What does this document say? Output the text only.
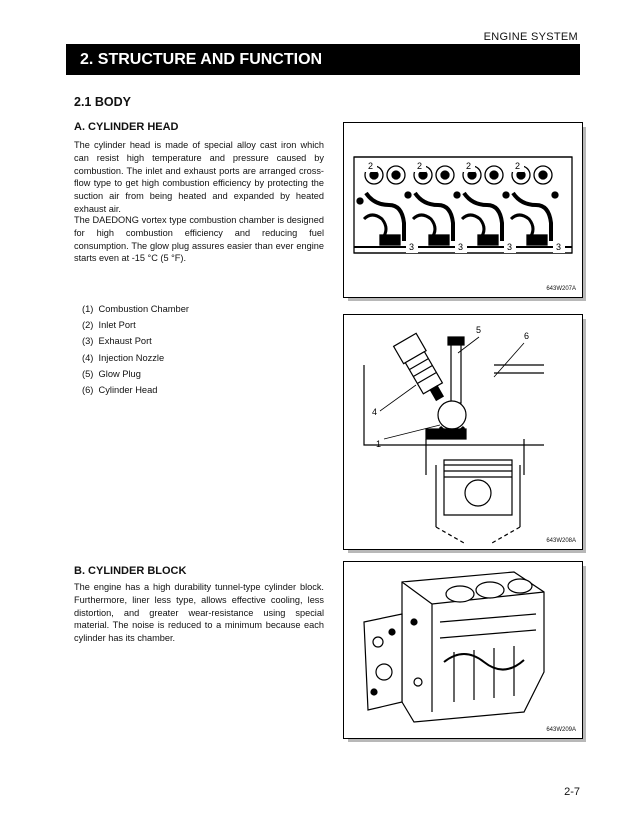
ENGINE SYSTEM
2. STRUCTURE AND FUNCTION
2.1 BODY
A. CYLINDER HEAD
The cylinder head is made of special alloy cast iron which can resist high temperature and pressure caused by combustion. The inlet and exhaust ports are arranged cross-flow type to get high combustion efficiency by protecting the suction air from being heated and expanded by heated exhaust air.
The DAEDONG vortex type combustion chamber is designed for high combustion efficiency and reducing fuel consumption. The glow plug assures easier than ever engine starts even at -15 °C (5 °F).
(1)  Combustion Chamber
(2)  Inlet Port
(3)  Exhaust Port
(4)  Injection Nozzle
(5)  Glow Plug
(6)  Cylinder Head
B. CYLINDER BLOCK
The engine has a high durability tunnel-type cylinder block. Furthermore, liner less type, allows effective cooling, less distortion, and greater wear-resistance using special material. The noise is reduced to a minimum because each cylinder has its chamber.
2	2	2	2
3	3	3	3
643W207A
5
6
4
1
643W208A
643W209A
2-7
